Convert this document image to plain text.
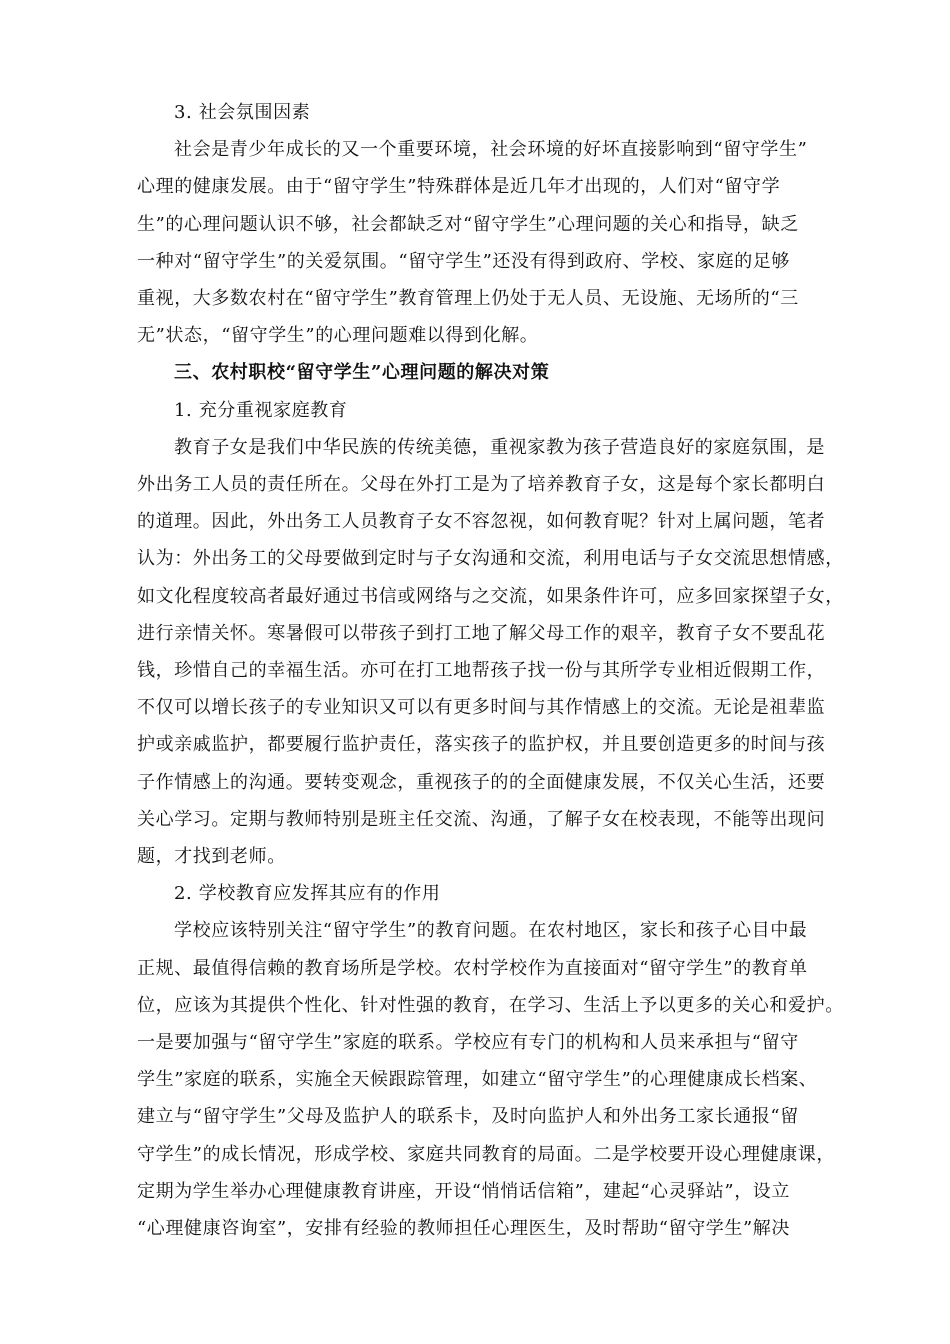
3. 社会氛围因素
社会是青少年成长的又一个重要环境，社会环境的好坏直接影响到“留守学生”
心理的健康发展。由于“留守学生”特殊群体是近几年才出现的，人们对“留守学
生”的心理问题认识不够，社会都缺乏对“留守学生”心理问题的关心和指导，缺乏
一种对“留守学生”的关爱氛围。“留守学生”还没有得到政府、学校、家庭的足够
重视，大多数农村在“留守学生”教育管理上仍处于无人员、无设施、无场所的“三
无”状态，“留守学生”的心理问题难以得到化解。
三、农村职校“留守学生”心理问题的解决对策
1. 充分重视家庭教育
教育子女是我们中华民族的传统美德，重视家教为孩子营造良好的家庭氛围，是
外出务工人员的责任所在。父母在外打工是为了培养教育子女，这是每个家长都明白
的道理。因此，外出务工人员教育子女不容忽视，如何教育呢？针对上属问题，笔者
认为：外出务工的父母要做到定时与子女沟通和交流，利用电话与子女交流思想情感，
如文化程度较高者最好通过书信或网络与之交流，如果条件许可，应多回家探望子女，
进行亲情关怀。寒暑假可以带孩子到打工地了解父母工作的艰辛，教育子女不要乱花
钱，珍惜自己的幸福生活。亦可在打工地帮孩子找一份与其所学专业相近假期工作，
不仅可以增长孩子的专业知识又可以有更多时间与其作情感上的交流。无论是祖辈监
护或亲戚监护，都要履行监护责任，落实孩子的监护权，并且要创造更多的时间与孩
子作情感上的沟通。要转变观念，重视孩子的的全面健康发展，不仅关心生活，还要
关心学习。定期与教师特别是班主任交流、沟通，了解子女在校表现，不能等出现问
题，才找到老师。
2. 学校教育应发挥其应有的作用
学校应该特别关注“留守学生”的教育问题。在农村地区，家长和孩子心目中最
正规、最值得信赖的教育场所是学校。农村学校作为直接面对“留守学生”的教育单
位，应该为其提供个性化、针对性强的教育，在学习、生活上予以更多的关心和爱护。
一是要加强与“留守学生”家庭的联系。学校应有专门的机构和人员来承担与“留守
学生”家庭的联系，实施全天候跟踪管理，如建立“留守学生”的心理健康成长档案、
建立与“留守学生”父母及监护人的联系卡，及时向监护人和外出务工家长通报“留
守学生”的成长情况，形成学校、家庭共同教育的局面。二是学校要开设心理健康课，
定期为学生举办心理健康教育讲座，开设“悄悄话信箱”，建起“心灵驿站”，设立
“心理健康咨询室”，安排有经验的教师担任心理医生，及时帮助“留守学生”解决
